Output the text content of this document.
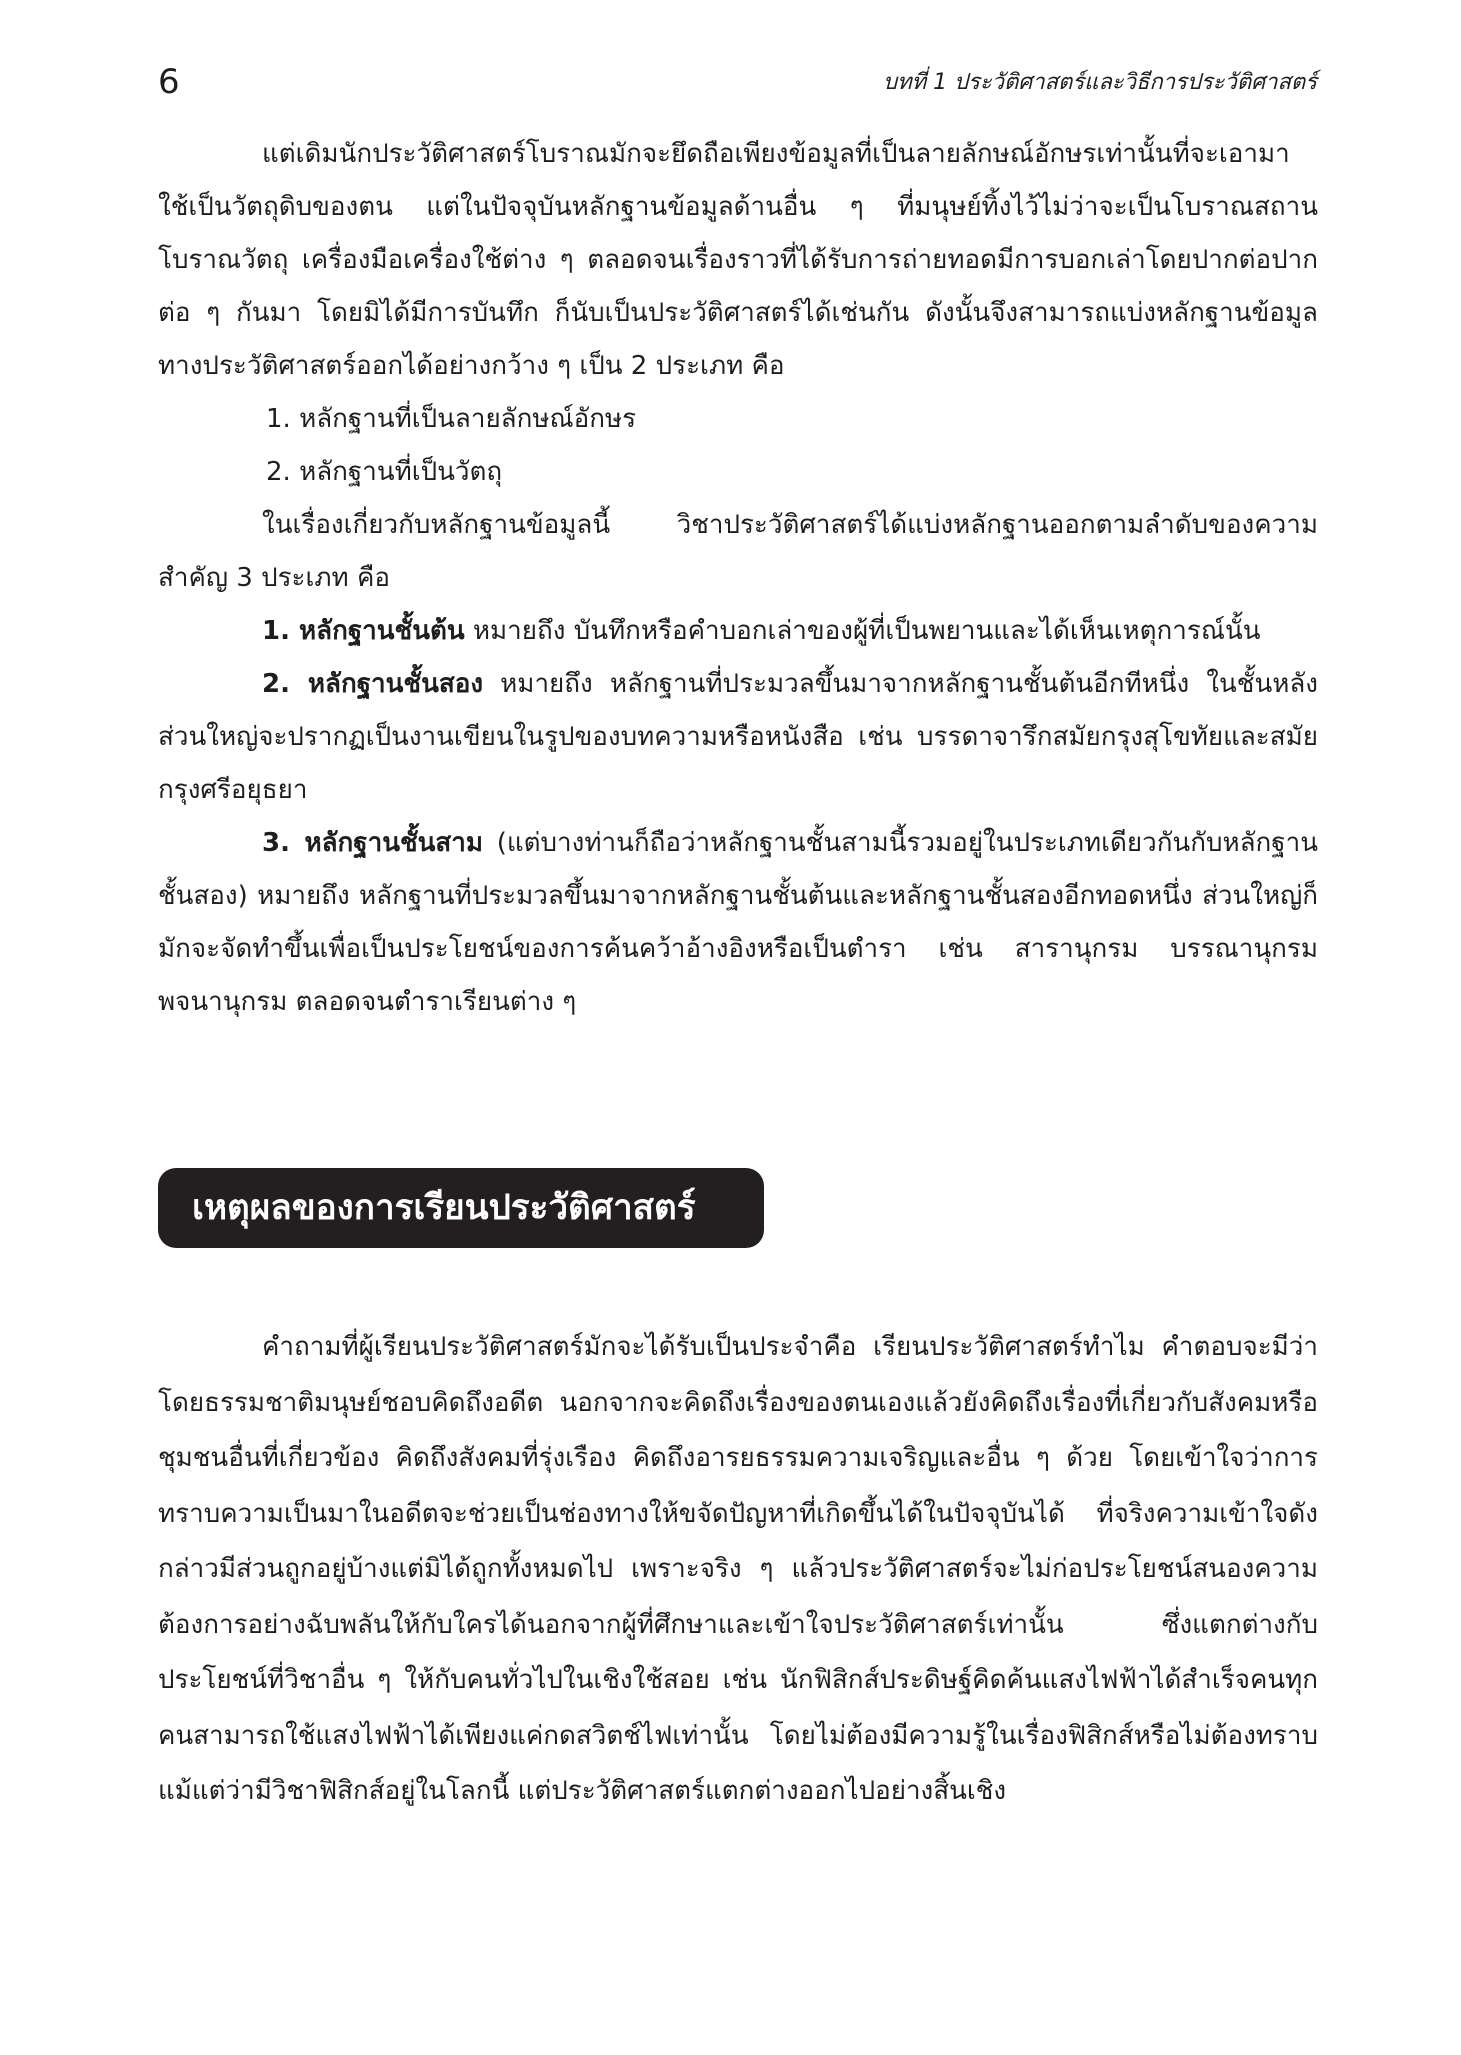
6	บทที่ 1 ประวัติศาสตร์และวิธีการประวัติศาสตร์

แต่เดิมนักประวัติศาสตร์โบราณมักจะยึดถือเพียงข้อมูลที่เป็นลายลักษณ์อักษรเท่านั้นที่จะเอามาใช้เป็นวัตถุดิบของตน แต่ในปัจจุบันหลักฐานข้อมูลด้านอื่น ๆ ที่มนุษย์ทิ้งไว้ไม่ว่าจะเป็นโบราณสถาน โบราณวัตถุ เครื่องมือเครื่องใช้ต่าง ๆ ตลอดจนเรื่องราวที่ได้รับการถ่ายทอดมีการบอกเล่าโดยปากต่อปากต่อ ๆ กันมา โดยมิได้มีการบันทึก ก็นับเป็นประวัติศาสตร์ได้เช่นกัน ดังนั้นจึงสามารถแบ่งหลักฐานข้อมูลทางประวัติศาสตร์ออกได้อย่างกว้าง ๆ เป็น 2 ประเภท คือ

1. หลักฐานที่เป็นลายลักษณ์อักษร

2. หลักฐานที่เป็นวัตถุ

ในเรื่องเกี่ยวกับหลักฐานข้อมูลนี้ วิชาประวัติศาสตร์ได้แบ่งหลักฐานออกตามลำดับของความสำคัญ 3 ประเภท คือ

1. หลักฐานชั้นต้น หมายถึง บันทึกหรือคำบอกเล่าของผู้ที่เป็นพยานและได้เห็นเหตุการณ์นั้น

2. หลักฐานชั้นสอง หมายถึง หลักฐานที่ประมวลขึ้นมาจากหลักฐานชั้นต้นอีกทีหนึ่ง ในชั้นหลังส่วนใหญ่จะปรากฏเป็นงานเขียนในรูปของบทความหรือหนังสือ เช่น บรรดาจารึกสมัยกรุงสุโขทัยและสมัยกรุงศรีอยุธยา

3. หลักฐานชั้นสาม (แต่บางท่านก็ถือว่าหลักฐานชั้นสามนี้รวมอยู่ในประเภทเดียวกันกับหลักฐานชั้นสอง) หมายถึง หลักฐานที่ประมวลขึ้นมาจากหลักฐานชั้นต้นและหลักฐานชั้นสองอีกทอดหนึ่ง ส่วนใหญ่ก็มักจะจัดทำขึ้นเพื่อเป็นประโยชน์ของการค้นคว้าอ้างอิงหรือเป็นตำรา เช่น สารานุกรม บรรณานุกรม พจนานุกรม ตลอดจนตำราเรียนต่าง ๆ

เหตุผลของการเรียนประวัติศาสตร์

คำถามที่ผู้เรียนประวัติศาสตร์มักจะได้รับเป็นประจำคือ เรียนประวัติศาสตร์ทำไม คำตอบจะมีว่า โดยธรรมชาติมนุษย์ชอบคิดถึงอดีต นอกจากจะคิดถึงเรื่องของตนเองแล้วยังคิดถึงเรื่องที่เกี่ยวกับสังคมหรือชุมชนอื่นที่เกี่ยวข้อง คิดถึงสังคมที่รุ่งเรือง คิดถึงอารยธรรมความเจริญและอื่น ๆ ด้วย โดยเข้าใจว่าการทราบความเป็นมาในอดีตจะช่วยเป็นช่องทางให้ขจัดปัญหาที่เกิดขึ้นได้ในปัจจุบันได้ ที่จริงความเข้าใจดังกล่าวมีส่วนถูกอยู่บ้างแต่มิได้ถูกทั้งหมดไป เพราะจริง ๆ แล้วประวัติศาสตร์จะไม่ก่อประโยชน์สนองความต้องการอย่างฉับพลันให้กับใครได้นอกจากผู้ที่ศึกษาและเข้าใจประวัติศาสตร์เท่านั้น ซึ่งแตกต่างกับประโยชน์ที่วิชาอื่น ๆ ให้กับคนทั่วไปในเชิงใช้สอย เช่น นักฟิสิกส์ประดิษฐ์คิดค้นแสงไฟฟ้าได้สำเร็จคนทุกคนสามารถใช้แสงไฟฟ้าได้เพียงแค่กดสวิตช์ไฟเท่านั้น โดยไม่ต้องมีความรู้ในเรื่องฟิสิกส์หรือไม่ต้องทราบแม้แต่ว่ามีวิชาฟิสิกส์อยู่ในโลกนี้ แต่ประวัติศาสตร์แตกต่างออกไปอย่างสิ้นเชิง
